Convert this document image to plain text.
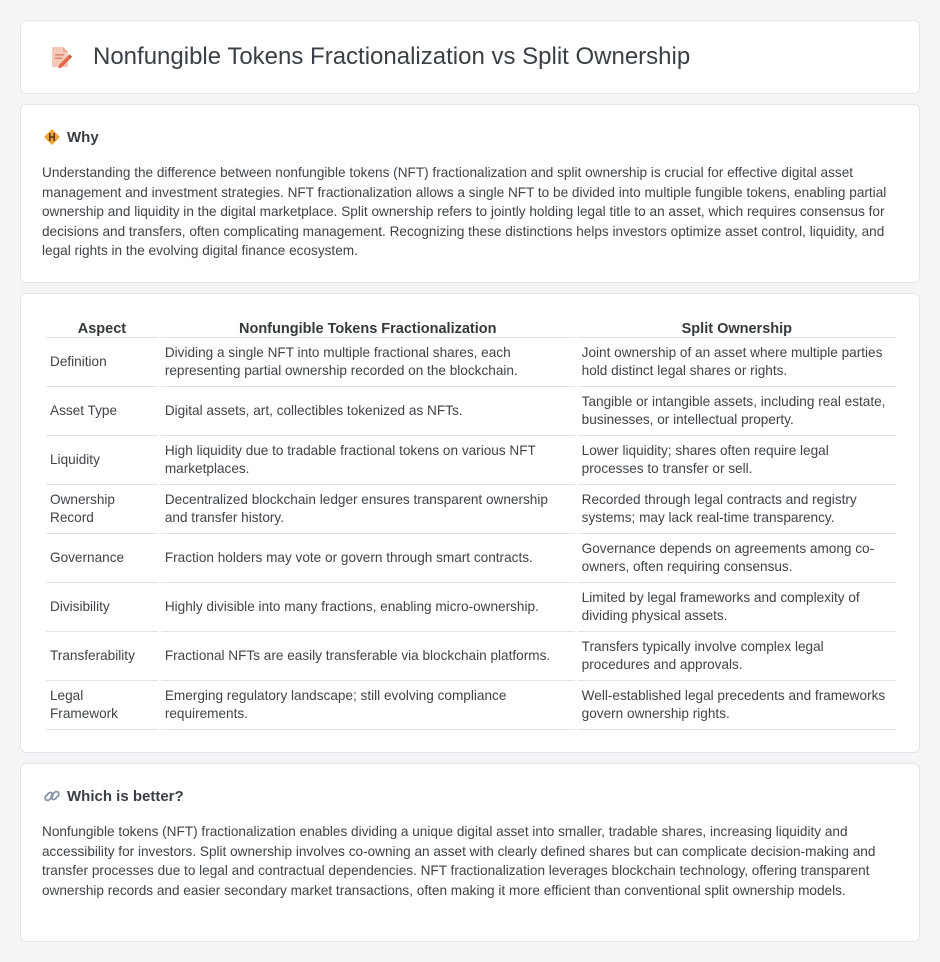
Nonfungible Tokens Fractionalization vs Split Ownership
Why

Understanding the difference between nonfungible tokens (NFT) fractionalization and split ownership is crucial for effective digital asset management and investment strategies. NFT fractionalization allows a single NFT to be divided into multiple fungible tokens, enabling partial ownership and liquidity in the digital marketplace. Split ownership refers to jointly holding legal title to an asset, which requires consensus for decisions and transfers, often complicating management. Recognizing these distinctions helps investors optimize asset control, liquidity, and legal rights in the evolving digital finance ecosystem.

Aspect	Nonfungible Tokens Fractionalization	Split Ownership
Definition	Dividing a single NFT into multiple fractional shares, each representing partial ownership recorded on the blockchain.	Joint ownership of an asset where multiple parties hold distinct legal shares or rights.
Asset Type	Digital assets, art, collectibles tokenized as NFTs.	Tangible or intangible assets, including real estate, businesses, or intellectual property.
Liquidity	High liquidity due to tradable fractional tokens on various NFT marketplaces.	Lower liquidity; shares often require legal processes to transfer or sell.
Ownership Record	Decentralized blockchain ledger ensures transparent ownership and transfer history.	Recorded through legal contracts and registry systems; may lack real-time transparency.
Governance	Fraction holders may vote or govern through smart contracts.	Governance depends on agreements among co-owners, often requiring consensus.
Divisibility	Highly divisible into many fractions, enabling micro-ownership.	Limited by legal frameworks and complexity of dividing physical assets.
Transferability	Fractional NFTs are easily transferable via blockchain platforms.	Transfers typically involve complex legal procedures and approvals.
Legal Framework	Emerging regulatory landscape; still evolving compliance requirements.	Well-established legal precedents and frameworks govern ownership rights.
Which is better?

Nonfungible tokens (NFT) fractionalization enables dividing a unique digital asset into smaller, tradable shares, increasing liquidity and accessibility for investors. Split ownership involves co-owning an asset with clearly defined shares but can complicate decision-making and transfer processes due to legal and contractual dependencies. NFT fractionalization leverages blockchain technology, offering transparent ownership records and easier secondary market transactions, often making it more efficient than conventional split ownership models.
